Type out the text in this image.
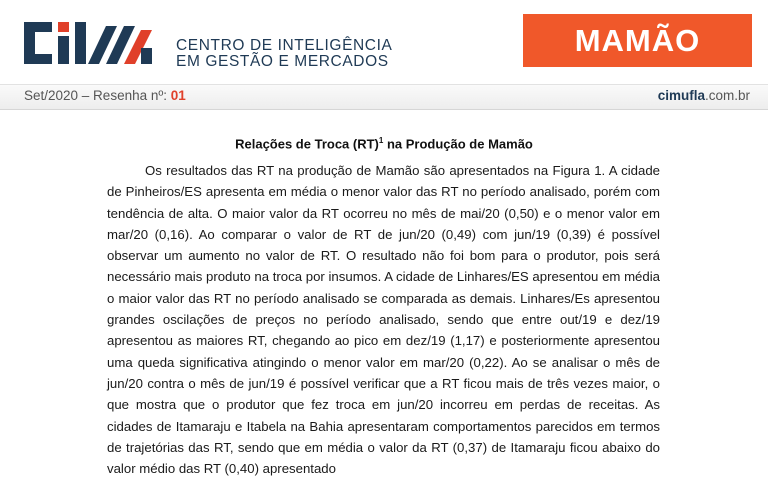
CENTRO DE INTELIGÊNCIA
EM GESTÃO E MERCADOS
MAMÃO
Set/2020 – Resenha nº: 01	cimufla.com.br
Relações de Troca (RT)$^1$ na Produção de Mamão

Os resultados das RT na produção de Mamão são apresentados na Figura 1. A cidade de Pinheiros/ES apresenta em média o menor valor das RT no período analisado, porém com tendência de alta. O maior valor da RT ocorreu no mês de mai/20 (0,50) e o menor valor em mar/20 (0,16). Ao comparar o valor de RT de jun/20 (0,49) com jun/19 (0,39) é possível observar um aumento no valor de RT. O resultado não foi bom para o produtor, pois será necessário mais produto na troca por insumos. A cidade de Linhares/ES apresentou em média o maior valor das RT no período analisado se comparada as demais. Linhares/Es apresentou grandes oscilações de preços no período analisado, sendo que entre out/19 e dez/19 apresentou as maiores RT, chegando ao pico em dez/19 (1,17) e posteriormente apresentou uma queda significativa atingindo o menor valor em mar/20 (0,22). Ao se analisar o mês de jun/20 contra o mês de jun/19 é possível verificar que a RT ficou mais de três vezes maior, o que mostra que o produtor que fez troca em jun/20 incorreu em perdas de receitas. As cidades de Itamaraju e Itabela na Bahia apresentaram comportamentos parecidos em termos de trajetórias das RT, sendo que em média o valor da RT (0,37) de Itamaraju ficou abaixo do valor médio das RT (0,40) apresentado
